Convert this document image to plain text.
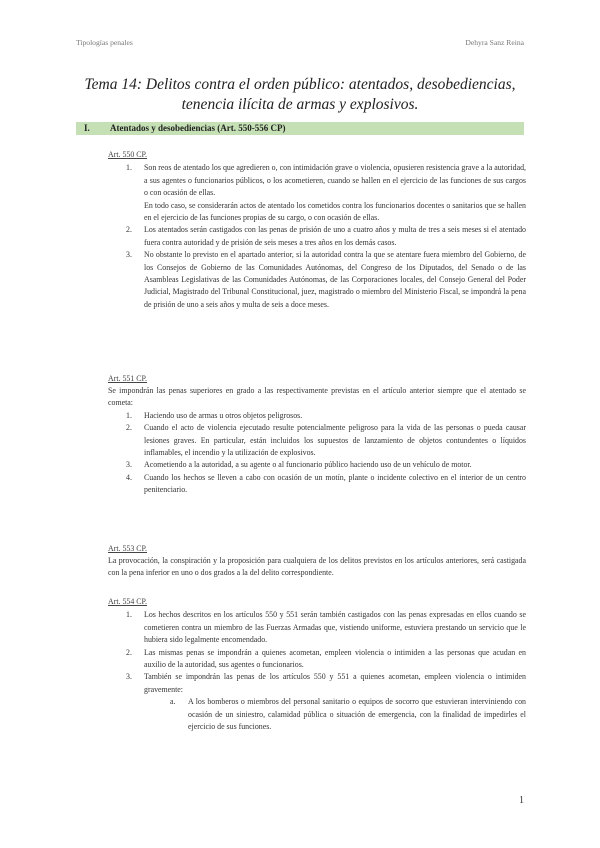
Tipologías penales	Dehyra Sanz Reina
Tema 14: Delitos contra el orden público: atentados, desobediencias,
tenencia ilícita de armas y explosivos.
I. Atentados y desobediencias (Art. 550-556 CP)
Art. 550 CP.
1. Son reos de atentado los que agredieren o, con intimidación grave o violencia, opusieren resistencia grave a la autoridad, a sus agentes o funcionarios públicos, o los acometieren, cuando se hallen en el ejercicio de las funciones de sus cargos o con ocasión de ellas.
En todo caso, se considerarán actos de atentado los cometidos contra los funcionarios docentes o sanitarios que se hallen en el ejercicio de las funciones propias de su cargo, o con ocasión de ellas.
2. Los atentados serán castigados con las penas de prisión de uno a cuatro años y multa de tres a seis meses si el atentado fuera contra autoridad y de prisión de seis meses a tres años en los demás casos.
3. No obstante lo previsto en el apartado anterior, si la autoridad contra la que se atentare fuera miembro del Gobierno, de los Consejos de Gobierno de las Comunidades Autónomas, del Congreso de los Diputados, del Senado o de las Asambleas Legislativas de las Comunidades Autónomas, de las Corporaciones locales, del Consejo General del Poder Judicial, Magistrado del Tribunal Constitucional, juez, magistrado o miembro del Ministerio Fiscal, se impondrá la pena de prisión de uno a seis años y multa de seis a doce meses.
Art. 551 CP.
Se impondrán las penas superiores en grado a las respectivamente previstas en el artículo anterior siempre que el atentado se cometa:
1. Haciendo uso de armas u otros objetos peligrosos.
2. Cuando el acto de violencia ejecutado resulte potencialmente peligroso para la vida de las personas o pueda causar lesiones graves. En particular, están incluidos los supuestos de lanzamiento de objetos contundentes o líquidos inflamables, el incendio y la utilización de explosivos.
3. Acometiendo a la autoridad, a su agente o al funcionario público haciendo uso de un vehículo de motor.
4. Cuando los hechos se lleven a cabo con ocasión de un motín, plante o incidente colectivo en el interior de un centro penitenciario.
Art. 553 CP.
La provocación, la conspiración y la proposición para cualquiera de los delitos previstos en los artículos anteriores, será castigada con la pena inferior en uno o dos grados a la del delito correspondiente.
Art. 554 CP.
1. Los hechos descritos en los artículos 550 y 551 serán también castigados con las penas expresadas en ellos cuando se cometieren contra un miembro de las Fuerzas Armadas que, vistiendo uniforme, estuviera prestando un servicio que le hubiera sido legalmente encomendado.
2. Las mismas penas se impondrán a quienes acometan, empleen violencia o intimiden a las personas que acudan en auxilio de la autoridad, sus agentes o funcionarios.
3. También se impondrán las penas de los artículos 550 y 551 a quienes acometan, empleen violencia o intimiden gravemente:
a. A los bomberos o miembros del personal sanitario o equipos de socorro que estuvieran interviniendo con ocasión de un siniestro, calamidad pública o situación de emergencia, con la finalidad de impedirles el ejercicio de sus funciones.
1
